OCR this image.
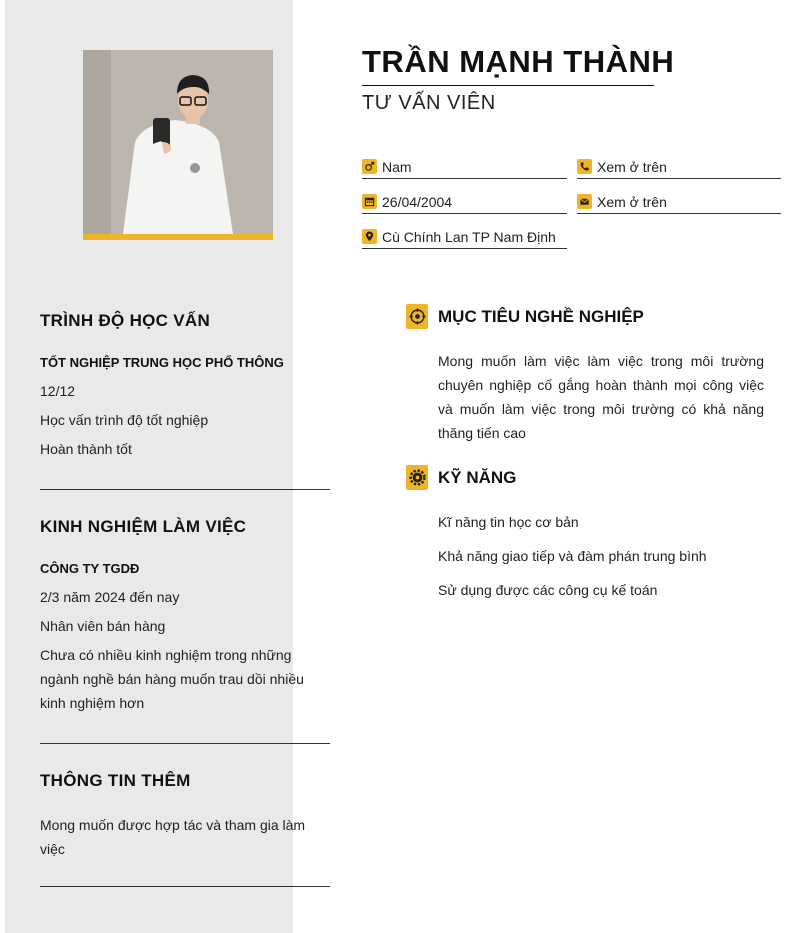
TRẦN MẠNH THÀNH
TƯ VẤN VIÊN
Nam	Xem ở trên
26/04/2004	Xem ở trên
Cù Chính Lan TP Nam Định
TRÌNH ĐỘ HỌC VẤN
TỐT NGHIỆP TRUNG HỌC PHỔ THÔNG
12/12
Học vấn trình độ tốt nghiệp
Hoàn thành tốt
KINH NGHIỆM LÀM VIỆC
CÔNG TY TGDĐ
2/3 năm 2024 đến nay
Nhân viên bán hàng
Chưa có nhiều kinh nghiệm trong những ngành nghề bán hàng muốn trau dồi nhiều kinh nghiệm hơn
THÔNG TIN THÊM
Mong muốn được hợp tác và tham gia làm việc
MỤC TIÊU NGHỀ NGHIỆP
Mong muốn làm việc làm việc trong môi trường chuyên nghiệp cố gắng hoàn thành mọi công việc và muốn làm việc trong môi trường có khả năng thăng tiến cao
KỸ NĂNG
Kĩ năng tin học cơ bản
Khả năng giao tiếp và đàm phán trung bình
Sử dụng được các công cụ kế toán
